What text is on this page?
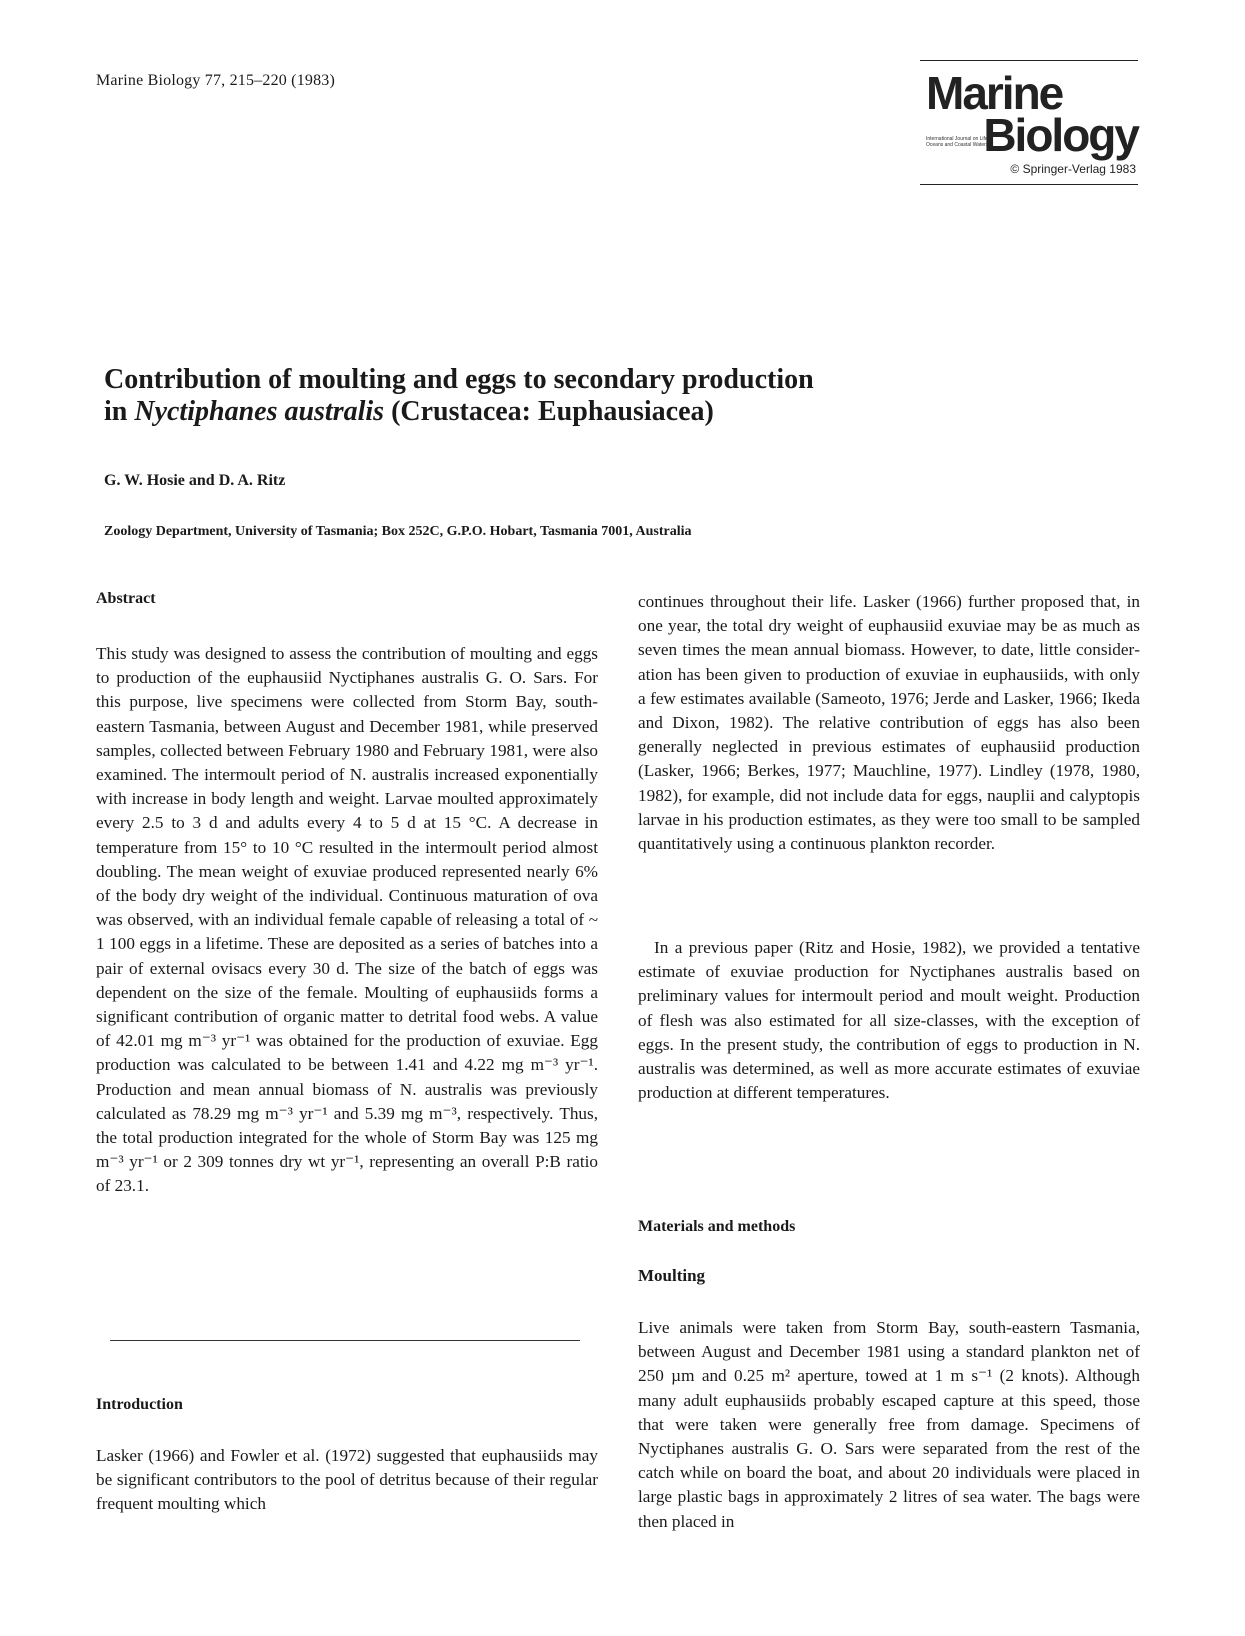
Marine Biology 77, 215–220 (1983)	Marine
International Journal on Life in Oceans and Coastal Waters
Biology
© Springer-Verlag 1983
Contribution of moulting and eggs to secondary production
in Nyctiphanes australis (Crustacea: Euphausiacea)
G. W. Hosie and D. A. Ritz
Zoology Department, University of Tasmania; Box 252C, G.P.O. Hobart, Tasmania 7001, Australia
Abstract

This study was designed to assess the contribution of moulting and eggs to production of the euphausiid Nyctiphanes australis G. O. Sars. For this purpose, live specimens were collected from Storm Bay, south-eastern Tasmania, between August and December 1981, while preserved samples, collected between February 1980 and February 1981, were also examined. The intermoult period of N. australis increased exponentially with increase in body length and weight. Larvae moulted approximately every 2.5 to 3 d and adults every 4 to 5 d at 15 °C. A decrease in temperature from 15° to 10 °C resulted in the intermoult period almost doubling. The mean weight of exuviae produced represented nearly 6% of the body dry weight of the individual. Continuous maturation of ova was observed, with an individual female capable of releasing a total of ~ 1 100 eggs in a lifetime. These are deposited as a series of batches into a pair of external ovisacs every 30 d. The size of the batch of eggs was dependent on the size of the female. Moulting of euphausiids forms a significant contribution of organic matter to detrital food webs. A value of 42.01 mg m⁻³ yr⁻¹ was obtained for the production of exuviae. Egg production was calculated to be between 1.41 and 4.22 mg m⁻³ yr⁻¹. Production and mean annual biomass of N. australis was previously calculated as 78.29 mg m⁻³ yr⁻¹ and 5.39 mg m⁻³, respectively. Thus, the total production integrated for the whole of Storm Bay was 125 mg m⁻³ yr⁻¹ or 2 309 tonnes dry wt yr⁻¹, representing an overall P:B ratio of 23.1.

Introduction

Lasker (1966) and Fowler et al. (1972) suggested that euphausiids may be significant contributors to the pool of detritus because of their regular frequent moulting which

continues throughout their life. Lasker (1966) further proposed that, in one year, the total dry weight of euphausiid exuviae may be as much as seven times the mean annual biomass. However, to date, little consideration has been given to production of exuviae in euphausiids, with only a few estimates available (Sameoto, 1976; Jerde and Lasker, 1966; Ikeda and Dixon, 1982). The relative contribution of eggs has also been generally neglected in previous estimates of euphausiid production (Lasker, 1966; Berkes, 1977; Mauchline, 1977). Lindley (1978, 1980, 1982), for example, did not include data for eggs, nauplii and calyptopis larvae in his production estimates, as they were too small to be sampled quantitatively using a continuous plankton recorder.

In a previous paper (Ritz and Hosie, 1982), we provided a tentative estimate of exuviae production for Nyctiphanes australis based on preliminary values for intermoult period and moult weight. Production of flesh was also estimated for all size-classes, with the exception of eggs. In the present study, the contribution of eggs to production in N. australis was determined, as well as more accurate estimates of exuviae production at different temperatures.

Materials and methods
Moulting

Live animals were taken from Storm Bay, south-eastern Tasmania, between August and December 1981 using a standard plankton net of 250 µm and 0.25 m² aperture, towed at 1 m s⁻¹ (2 knots). Although many adult euphausiids probably escaped capture at this speed, those that were taken were generally free from damage. Specimens of Nyctiphanes australis G. O. Sars were separated from the rest of the catch while on board the boat, and about 20 individuals were placed in large plastic bags in approximately 2 litres of sea water. The bags were then placed in
